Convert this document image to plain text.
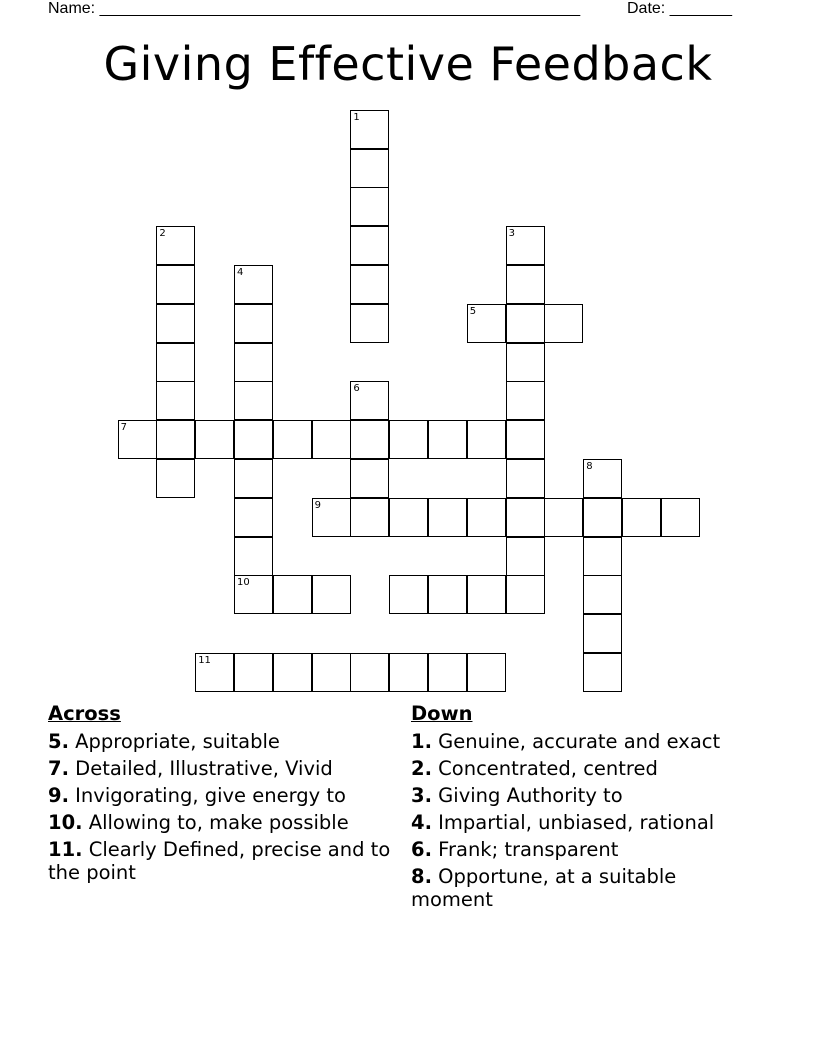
Name: ______________________________________________________	Date: _______
Giving Effective Feedback
1
2	3
4
10
5
6
7
8
9
11
Across
5. Appropriate, suitable
7. Detailed, Illustrative, Vivid
9. Invigorating, give energy to
10. Allowing to, make possible
11. Clearly Defined, precise and to the point
Down
1. Genuine, accurate and exact
2. Concentrated, centred
3. Giving Authority to
4. Impartial, unbiased, rational
6. Frank; transparent
8. Opportune, at a suitable moment
